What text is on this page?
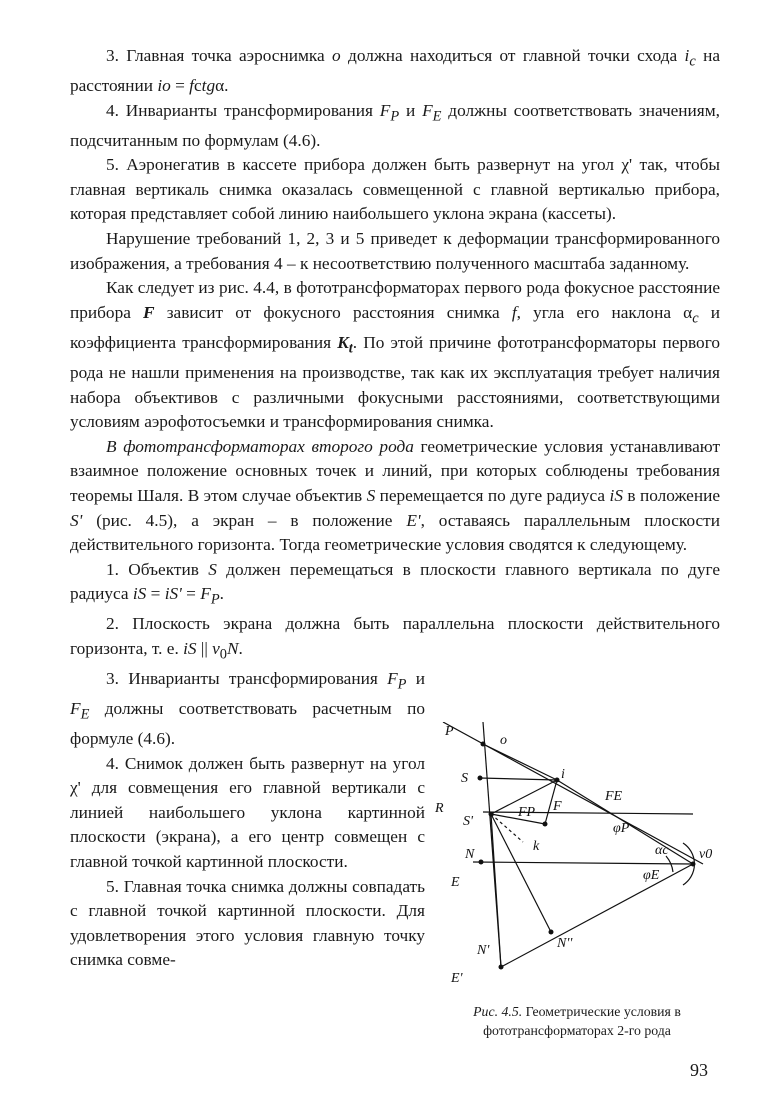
3. Главная точка аэроснимка o должна находиться от главной точки схода $i_c$ на расстоянии io = fctgα.

4. Инварианты трансформирования $F_P$ и $F_E$ должны соответствовать значениям, подсчитанным по формулам (4.6).

5. Аэронегатив в кассете прибора должен быть развернут на угол χ' так, чтобы главная вертикаль снимка оказалась совмещенной с главной вертикалью прибора, которая представляет собой линию наибольшего уклона экрана (кассеты).

Нарушение требований 1, 2, 3 и 5 приведет к деформации трансформированного изображения, а требования 4 – к несоответствию полученного масштаба заданному.

Как следует из рис. 4.4, в фототрансформаторах первого рода фокусное расстояние прибора F зависит от фокусного расстояния снимка f, угла его наклона $\alpha_c$ и коэффициента трансформирования $K_t$. По этой причине фототрансформаторы первого рода не нашли применения на производстве, так как их эксплуатация требует наличия набора объективов с различными фокусными расстояниями, соответствующими условиям аэрофотосъемки и трансформирования снимка.

В фототрансформаторах второго рода геометрические условия устанавливают взаимное положение основных точек и линий, при которых соблюдены требования теоремы Шаля. В этом случае объектив S перемещается по дуге радиуса iS в положение S' (рис. 4.5), а экран – в положение E', оставаясь параллельным плоскости действительного горизонта. Тогда геометрические условия сводятся к следующему.

1. Объектив S должен перемещаться в плоскости главного вертикала по дуге радиуса iS = $iS' = F_P$.

2. Плоскость экрана должна быть параллельна плоскости действительного горизонта, т. е. iS || $v_0N$.

3. Инварианты трансформирования $F_P$ и $F_E$ должны соответствовать расчетным по формуле (4.6).

4. Снимок должен быть развернут на угол χ' для совмещения его главной вертикали с линией наибольшего уклона картинной плоскости (экрана), а его центр совмещен с главной точкой картинной плоскости.

5. Главная точка снимка должны совпадать с главной точкой картинной плоскости. Для удовлетворения этого условия главную точку снимка совме-

P
o
i
S
R
S'
FP F
FE
φP
αc v0
k
N
E	φE
N'	N''
E'
Рис. 4.5. Геометрические условия в фототрансформаторах 2-го рода
93
